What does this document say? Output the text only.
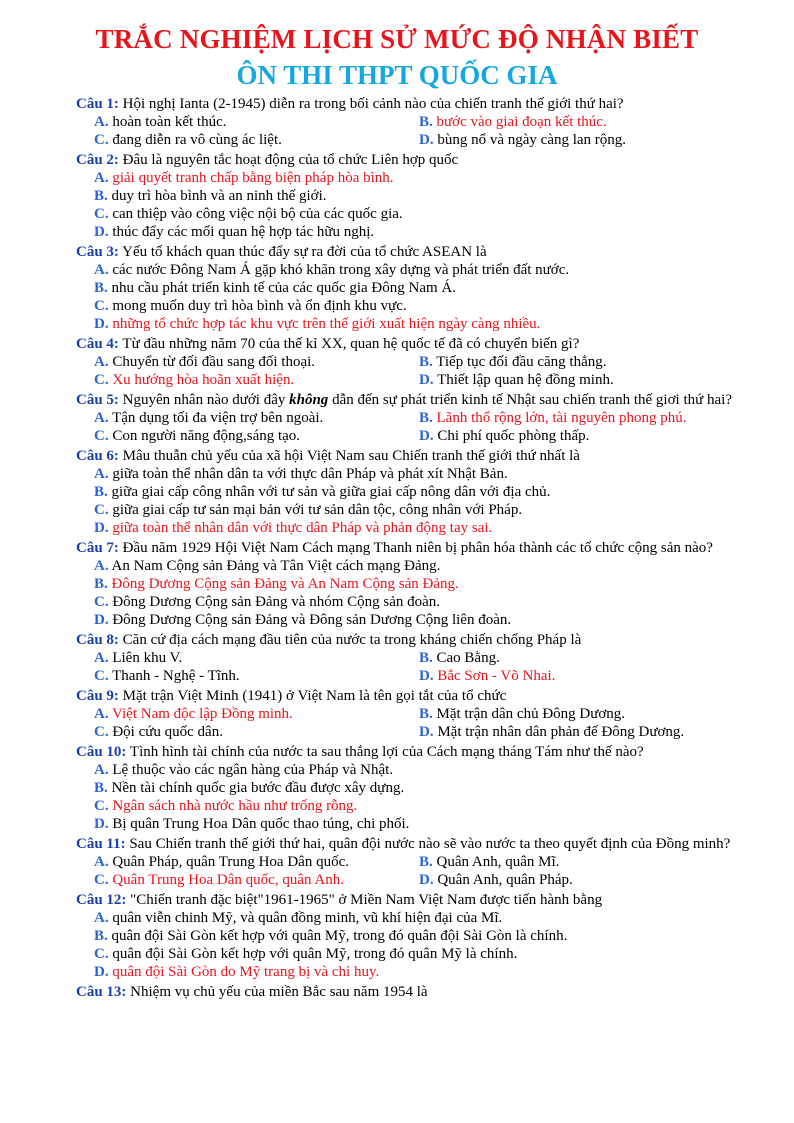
TRẮC NGHIỆM LỊCH SỬ MỨC ĐỘ NHẬN BIẾT
ÔN THI THPT QUỐC GIA
Câu 1: Hội nghị Ianta (2-1945) diễn ra trong bối cảnh nào của chiến tranh thế giới thứ hai?
A. hoàn toàn kết thúc.	B. bước vào giai đoạn kết thúc.
C. đang diễn ra vô cùng ác liệt.	D. bùng nổ và ngày càng lan rộng.
Câu 2: Đâu là nguyên tắc hoạt động của tổ chức Liên hợp quốc
A. giải quyết tranh chấp bằng biện pháp hòa bình.
B. duy trì hòa bình và an ninh thế giới.
C. can thiệp vào công việc nội bộ của các quốc gia.
D. thúc đẩy các mối quan hệ hợp tác hữu nghị.
Câu 3: Yếu tố khách quan thúc đẩy sự ra đời của tổ chức ASEAN là
A. các nước Đông Nam Á gặp khó khăn trong xây dựng và phát triển đất nước.
B. nhu cầu phát triển kinh tế của các quốc gia Đông Nam Á.
C. mong muốn duy trì hòa bình và ổn định khu vực.
D. những tổ chức hợp tác khu vực trên thế giới xuất hiện ngày càng nhiều.
Câu 4: Từ đầu những năm 70 của thế kỉ XX, quan hệ quốc tế đã có chuyển biến gì?
A. Chuyển từ đối đầu sang đối thoại.	B. Tiếp tục đối đầu căng thẳng.
C. Xu hướng hòa hoãn xuất hiện.	D. Thiết lập quan hệ đồng minh.
Câu 5: Nguyên nhân nào dưới đây không dẫn đến sự phát triển kinh tế Nhật sau chiến tranh thế giơi thứ hai?
A. Tận dụng tối đa viện trợ bên ngoài.	B. Lãnh thổ rộng lớn, tài nguyên phong phú.
C. Con người năng động,sáng tạo.	D. Chi phí quốc phòng thấp.
Câu 6: Mâu thuẫn chủ yếu của xã hội Việt Nam sau Chiến tranh thế giới thứ nhất là
A. giữa toàn thể nhân dân ta với thực dân Pháp và phát xít Nhật Bản.
B. giữa giai cấp công nhân với tư sản và giữa giai cấp nông dân với địa chủ.
C. giữa giai cấp tư sản mại bản với tư sản dân tộc, công nhân với Pháp.
D. giữa toàn thể nhân dân với thực dân Pháp và phản động tay sai.
Câu 7: Đầu năm 1929 Hội Việt Nam Cách mạng Thanh niên bị phân hóa thành các tổ chức cộng sản nào?
A. An Nam Cộng sản Đảng và Tân Việt cách mạng Đảng.
B. Đông Dương Cộng sản Đảng và An Nam Cộng sản Đảng.
C. Đông Dương Cộng sản Đảng và nhóm Cộng sản đoàn.
D. Đông Dương Cộng sản Đảng và Đông sản Dương Cộng liên đoàn.
Câu 8: Căn cứ địa cách mạng đầu tiên của nước ta trong kháng chiến chống Pháp là
A. Liên khu V.	B. Cao Bằng.
C. Thanh - Nghệ - Tĩnh.	D. Bắc Sơn - Võ Nhai.
Câu 9: Mặt trận Việt Minh (1941) ở Việt Nam là tên gọi tắt của tổ chức
A. Việt Nam độc lập Đồng minh.	B. Mặt trận dân chủ Đông Dương.
C. Đội cứu quốc dân.	D. Mặt trận nhân dân phản đế Đông Dương.
Câu 10: Tình hình tài chính của nước ta sau thắng lợi của Cách mạng tháng Tám như thế nào?
A. Lệ thuộc vào các ngân hàng của Pháp và Nhật.
B. Nền tài chính quốc gia bước đầu được xây dựng.
C. Ngân sách nhà nước hầu như trống rỗng.
D. Bị quân Trung Hoa Dân quốc thao túng, chi phối.
Câu 11: Sau Chiến tranh thế giới thứ hai, quân đội nước nào sẽ vào nước ta theo quyết định của Đồng minh?
A. Quân Pháp, quân Trung Hoa Dân quốc.	B. Quân Anh, quân Mĩ.
C. Quân Trung Hoa Dân quốc, quân Anh.	D. Quân Anh, quân Pháp.
Câu 12: "Chiến tranh đặc biệt"1961-1965" ở Miền Nam Việt Nam được tiến hành bằng
A. quân viễn chinh Mỹ, và quân đồng minh, vũ khí hiện đại của Mĩ.
B. quân đội Sài Gòn kết hợp với quân Mỹ, trong đó quân đội Sài Gòn là chính.
C. quân đội Sài Gòn kết hợp với quân Mỹ, trong đó quân Mỹ là chính.
D. quân đội Sài Gòn do Mỹ trang bị và chỉ huy.
Câu 13: Nhiệm vụ chủ yếu của miền Bắc sau năm 1954 là
